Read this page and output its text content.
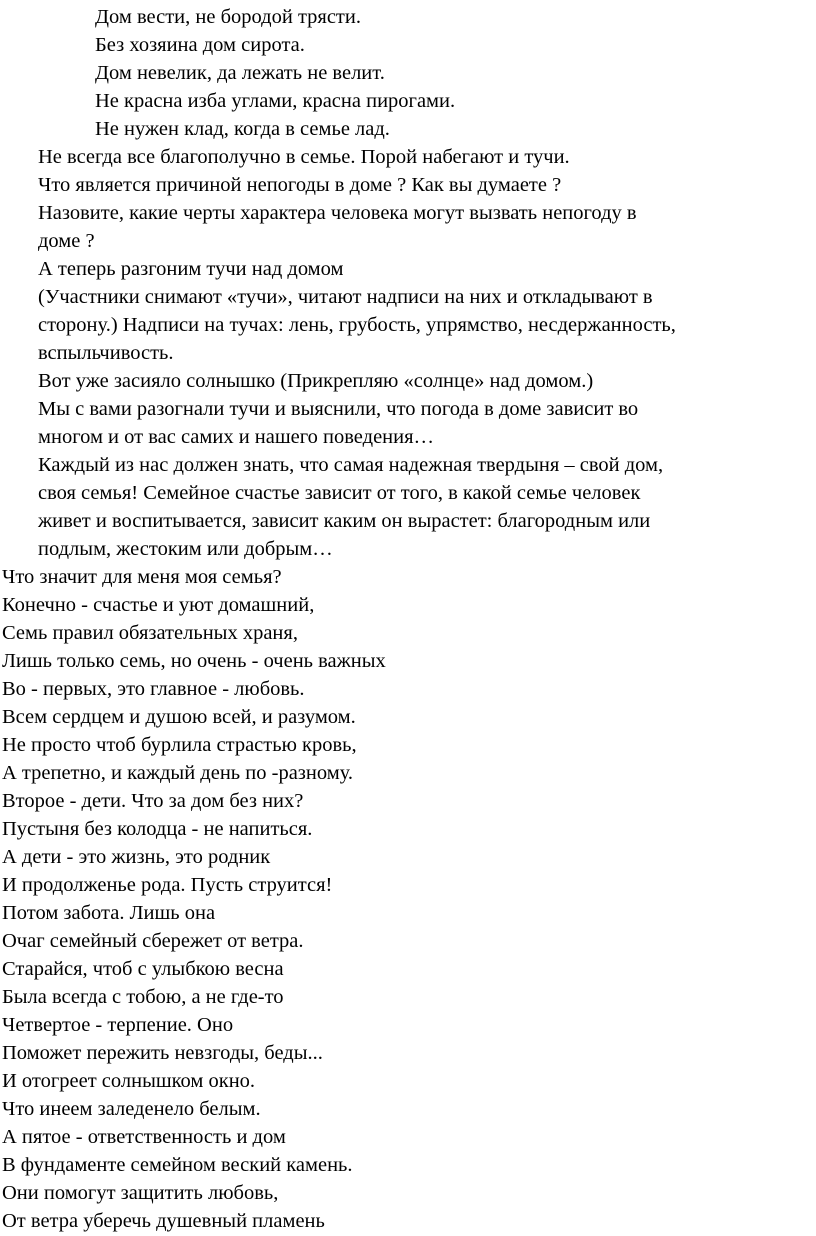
Дом вести, не бородой трясти.
Без хозяина дом сирота.
Дом невелик, да лежать не велит.
Не красна изба углами, красна пирогами.
Не нужен клад, когда в семье лад.
Не всегда все благополучно в семье. Порой набегают и тучи.
Что является причиной непогоды в доме ? Как вы думаете ?
Назовите, какие черты характера человека могут вызвать непогоду в
доме ?
А теперь разгоним тучи над домом
(Участники снимают «тучи», читают надписи на них и откладывают в
сторону.) Надписи на тучах: лень, грубость, упрямство, несдержанность,
вспыльчивость.
Вот уже засияло солнышко (Прикрепляю «солнце» над домом.)
Мы с вами разогнали тучи и выяснили, что погода в доме зависит во
многом и от вас самих и нашего поведения…
Каждый из нас должен знать, что самая надежная твердыня – свой дом,
своя семья! Семейное счастье зависит от того, в какой семье человек
живет и воспитывается, зависит каким он вырастет: благородным или
подлым, жестоким или добрым…
Что значит для меня моя семья?
Конечно - счастье и уют домашний,
Семь правил обязательных храня,
Лишь только семь, но очень - очень важных
Во - первых, это главное - любовь.
Всем сердцем и душою всей, и разумом.
Не просто чтоб бурлила страстью кровь,
А трепетно, и каждый день по -разному.
Второе - дети. Что за дом без них?
Пустыня без колодца - не напиться.
А дети - это жизнь, это родник
И продолженье рода. Пусть струится!
Потом забота. Лишь она
Очаг семейный сбережет от ветра.
Старайся, чтоб с улыбкою весна
Была всегда с тобою, а не где-то
Четвертое - терпение. Оно
Поможет пережить невзгоды, беды...
И отогреет солнышком окно.
Что инеем заледенело белым.
А пятое - ответственность и дом
В фундаменте семейном веский камень.
Они помогут защитить любовь,
От ветра уберечь душевный пламень
